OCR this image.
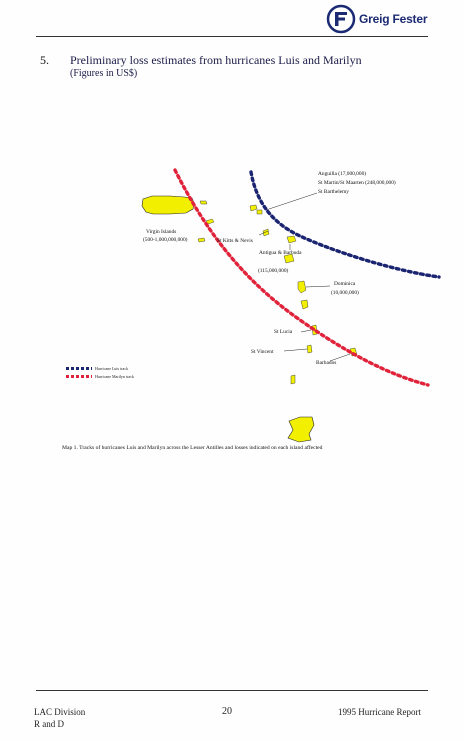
Greig Fester
5. Preliminary loss estimates from hurricanes Luis and Marilyn
(Figures in US$)
Anguilla (17,000,000)
St Martin/St Maarten (248,000,000)
St Barthelemy
Virgin Islands
(500-1,000,000,000)	St Kitts & Nevis
Antigua & Barbuda
(115,000,000)
Dominica
(10,000,000)
St Lucia
St Vincent
Barbados
Hurricane Luis track
Hurricane Marilyn track
Map 1. Tracks of hurricanes Luis and Marilyn across the Lesser Antilles and losses indicated on each island affected
LAC Division
R and D
20	1995 Hurricane Report
